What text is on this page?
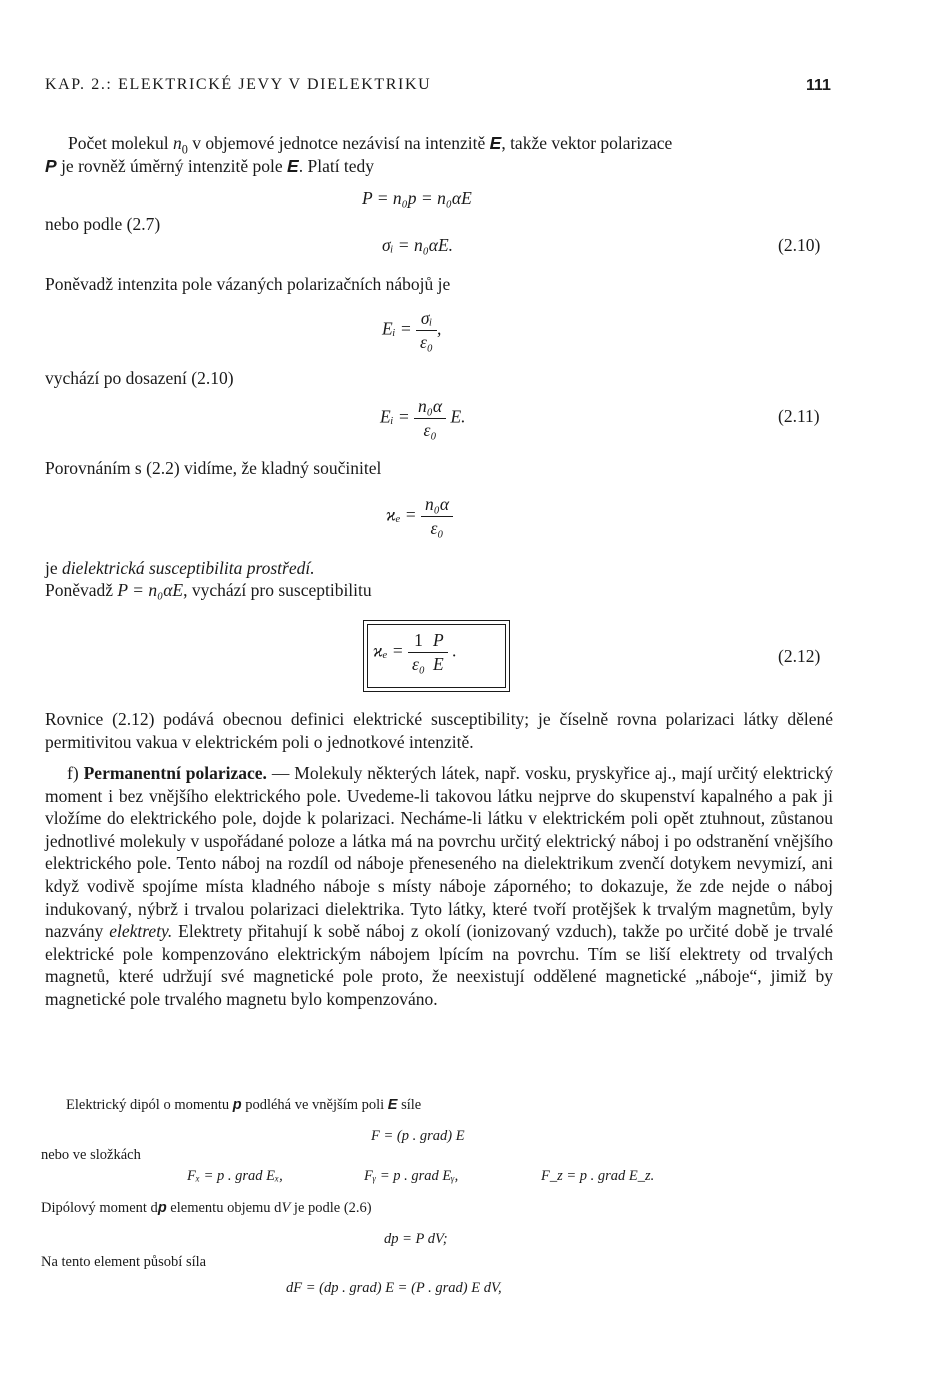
KAP. 2.: ELEKTRICKÉ JEVY V DIELEKTRIKU	111
Počet molekul $n_0$ v objemové jednotce nezávisí na intenzitě E, takže vektor polarizace
P je rovněž úměrný intenzitě pole E. Platí tedy
P = n₀p = n₀αE
nebo podle (2.7)
σᵢ = n₀αE.	(2.10)
Poněvadž intenzita pole vázaných polarizačních nábojů je
Eᵢ = $\frac{\text{σᵢ}}{\text{ε₀}}$ ,
vychází po dosazení (2.10)
Eᵢ = $\frac{\text{n₀α}}{\text{ε₀}} E$.	(2.11)
Porovnáním s (2.2) vidíme, že kladný součinitel
$ϰ_e = \frac{\text{n₀α}}{\text{ε₀}}$
je dielektrická susceptibilita prostředí.
Poněvadž P = n₀αE, vychází pro susceptibilitu
$ϰ_e = \frac{1}{\text{ε₀}} \frac{P}{E}$ .	(2.12)
Rovnice (2.12) podává obecnou definici elektrické susceptibility; je číselně rovna polarizaci látky dělené permitivitou vakua v elektrickém poli o jednotkové intenzitě.
f) Permanentní polarizace. — Molekuly některých látek, např. vosku, pryskyřice aj., mají určitý elektrický moment i bez vnějšího elektrického pole. Uvedeme-li takovou látku nejprve do skupenství kapalného a pak ji vložíme do elektrického pole, dojde k polarizaci. Necháme-li látku v elektrickém poli opět ztuhnout, zůstanou jednotlivé molekuly v uspořádané poloze a látka má na povrchu určitý elektrický náboj i po odstranění vnějšího elektrického pole. Tento náboj na rozdíl od náboje přeneseného na dielektrikum zvenčí dotykem nevymizí, ani když vodivě spojíme místa kladného náboje s místy náboje záporného; to dokazuje, že zde nejde o náboj indukovaný, nýbrž i trvalou polarizaci dielektrika. Tyto látky, které tvoří protějšek k trvalým magnetům, byly nazvány elektrety. Elektrety přitahují k sobě náboj z okolí (ionizovaný vzduch), takže po určité době je trvalé elektrické pole kompenzováno elektrickým nábojem lpícím na povrchu. Tím se liší elektrety od trvalých magnetů, které udržují své magnetické pole proto, že neexistují oddělené magnetické „náboje“, jimiž by magnetické pole trvalého magnetu bylo kompenzováno.
Elektrický dipól o momentu p podléhá ve vnějším poli E síle
F = (p . grad) E
nebo ve složkách
Fₓ = p . grad Eₓ,	Fᵧ = p . grad Eᵧ,	F_z = p . grad E_z.
Dipólový moment dp elementu objemu dV je podle (2.6)
dp = P dV;
Na tento element působí síla
dF = (dp . grad) E = (P . grad) E dV,
